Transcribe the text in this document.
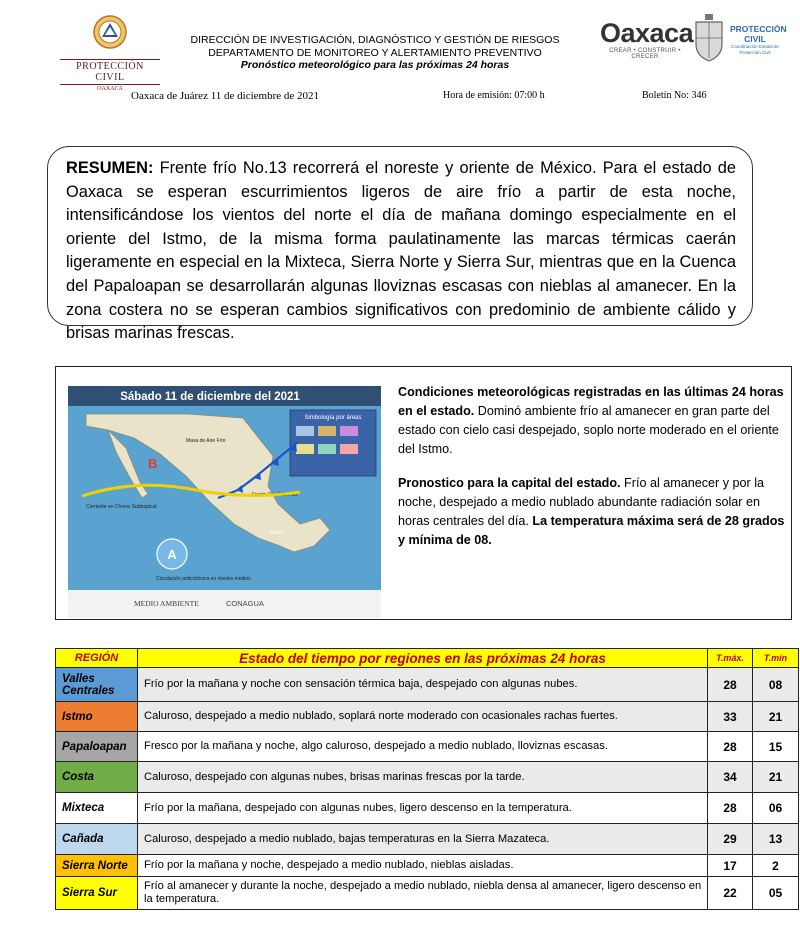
PROTECCIÓN CIVIL
OAXACA
DIRECCIÓN DE INVESTIGACIÓN, DIAGNÓSTICO Y GESTIÓN DE RIESGOS
DEPARTAMENTO DE MONITOREO Y ALERTAMIENTO PREVENTIVO
Pronóstico meteorológico para las próximas 24 horas
Oaxaca
CREAR • CONSTRUIR • CRECER
PROTECCIÓN
CIVIL
Coordinación Estatal de
Protección Civil
Oaxaca de Juárez 11 de diciembre de 2021	Hora de emisión: 07:00 h	Boletín No: 346

RESUMEN: Frente frío No.13 recorrerá el noreste y oriente de México. Para el estado de Oaxaca se esperan escurrimientos ligeros de aire frío a partir de esta noche, intensificándose los vientos del norte el día de mañana domingo especialmente en el oriente del Istmo, de la misma forma paulatinamente las marcas térmicas caerán ligeramente en especial en la Mixteca, Sierra Norte y Sierra Sur, mientras que en la Cuenca del Papaloapan se desarrollarán algunas lloviznas escasas con nieblas al amanecer. En la zona costera no se esperan cambios significativos con predominio de ambiente cálido y brisas marinas frescas.

Sábado 11 de diciembre del 2021
Simbología por áreas
Masa de Aire Frío
Frente Frío Núm. 13
Corriente en Chorro Subtropical
B
A
Circulación anticiclónica en niveles medios
Norte
MEDIO AMBIENTE	CONAGUA

Condiciones meteorológicas registradas en las últimas 24 horas en el estado. Dominó ambiente frío al amanecer en gran parte del estado con cielo casi despejado, soplo norte moderado en el oriente del Istmo.

Pronostico para la capital del estado. Frío al amanecer y por la noche, despejado a medio nublado abundante radiación solar en horas centrales del día. La temperatura máxima será de 28 grados y mínima de 08.

REGIÓN	Estado del tiempo por regiones en las próximas 24 horas	T.máx.	T.mín
Valles Centrales	Frío por la mañana y noche con sensación térmica baja, despejado con algunas nubes.	28	08
Istmo	Caluroso, despejado a medio nublado, soplará norte moderado con ocasionales rachas fuertes.	33	21
Papaloapan	Fresco por la mañana y noche, algo caluroso, despejado a medio nublado, lloviznas escasas.	28	15
Costa	Caluroso, despejado con algunas nubes, brisas marinas frescas por la tarde.	34	21
Mixteca	Frío por la mañana, despejado con algunas nubes, ligero descenso en la temperatura.	28	06
Cañada	Caluroso, despejado a medio nublado, bajas temperaturas en la Sierra Mazateca.	29	13
Sierra Norte	Frío por la mañana y noche, despejado a medio nublado, nieblas aisladas.	17	2
Sierra Sur	Frío al amanecer y durante la noche, despejado a medio nublado, niebla densa al amanecer, ligero descenso en la temperatura.	22	05
